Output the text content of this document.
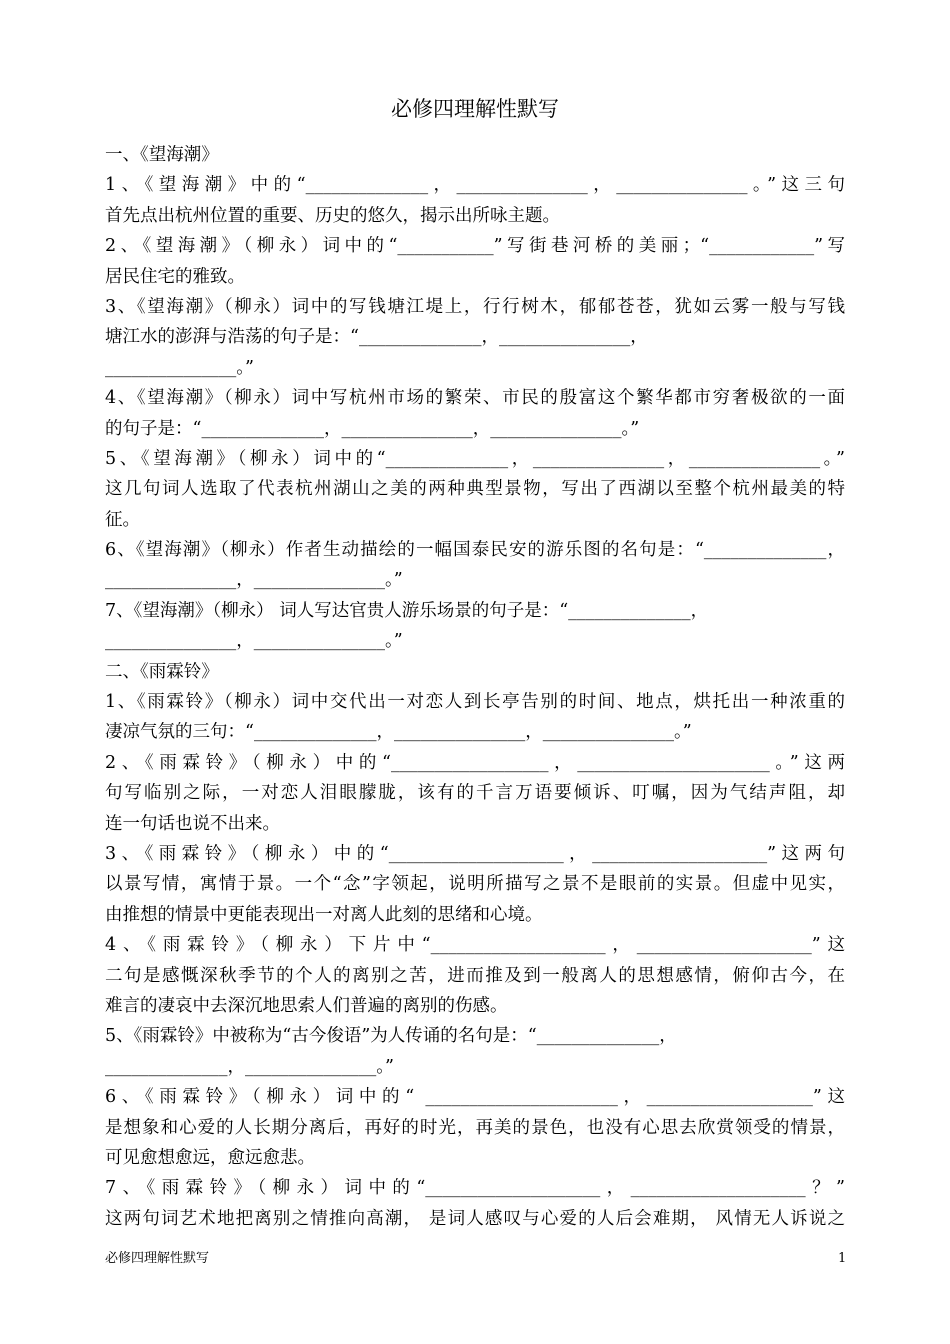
必修四理解性默写
一、《望海潮》
1、《望海潮》中的“______________，_______________，_______________。”这三句
首先点出杭州位置的重要、历史的悠久，揭示出所咏主题。
2、《望海潮》（柳永）词中的“___________”写街巷河桥的美丽；“____________”写
居民住宅的雅致。
3、《望海潮》（柳永）词中的写钱塘江堤上，行行树木，郁郁苍苍，犹如云雾一般与写钱
塘江水的澎湃与浩荡的句子是：“______________，_______________，
_______________。”
4、《望海潮》（柳永）词中写杭州市场的繁荣、市民的殷富这个繁华都市穷奢极欲的一面
的句子是：“______________，_______________，_______________。”
5、《望海潮》（柳永）词中的“______________，_______________，_______________。”
这几句词人选取了代表杭州湖山之美的两种典型景物，写出了西湖以至整个杭州最美的特
征。
6、《望海潮》（柳永）作者生动描绘的一幅国泰民安的游乐图的名句是：“______________，
_______________，_______________。”
7、《望海潮》（柳永） 词人写达官贵人游乐场景的句子是：“______________，
_______________，_______________。”
二、《雨霖铃》
1、《雨霖铃》（柳永）词中交代出一对恋人到长亭告别的时间、地点，烘托出一种浓重的
凄凉气氛的三句：“______________，_______________，_______________。”
2、《雨霖铃》（柳永）中的“__________________，______________________。”这两
句写临别之际，一对恋人泪眼朦胧，该有的千言万语要倾诉、叮嘱，因为气结声阻，却
连一句话也说不出来。
3、《雨霖铃》（柳永）中的“____________________，____________________”这两句
以景写情，寓情于景。一个“念”字领起，说明所描写之景不是眼前的实景。但虚中见实，
由推想的情景中更能表现出一对离人此刻的思绪和心境。
4、《雨霖铃》（柳永）下片中“____________________，____________________”这
二句是感慨深秋季节的个人的离别之苦，进而推及到一般离人的思想感情，俯仰古今，在
难言的凄哀中去深沉地思索人们普遍的离别的伤感。
5、《雨霖铃》中被称为“古今俊语”为人传诵的名句是：“______________，
______________，_______________。”
6、《雨霖铃》（柳永）词中的“ ______________________，___________________”这
是想象和心爱的人长期分离后，再好的时光，再美的景色，也没有心思去欣赏领受的情景，
可见愈想愈远，愈远愈悲。
7、《雨霖铃》（柳永）词中的“____________________，____________________？”
这两句词艺术地把离别之情推向高潮， 是词人感叹与心爱的人后会难期， 风情无人诉说之
必修四理解性默写	1
